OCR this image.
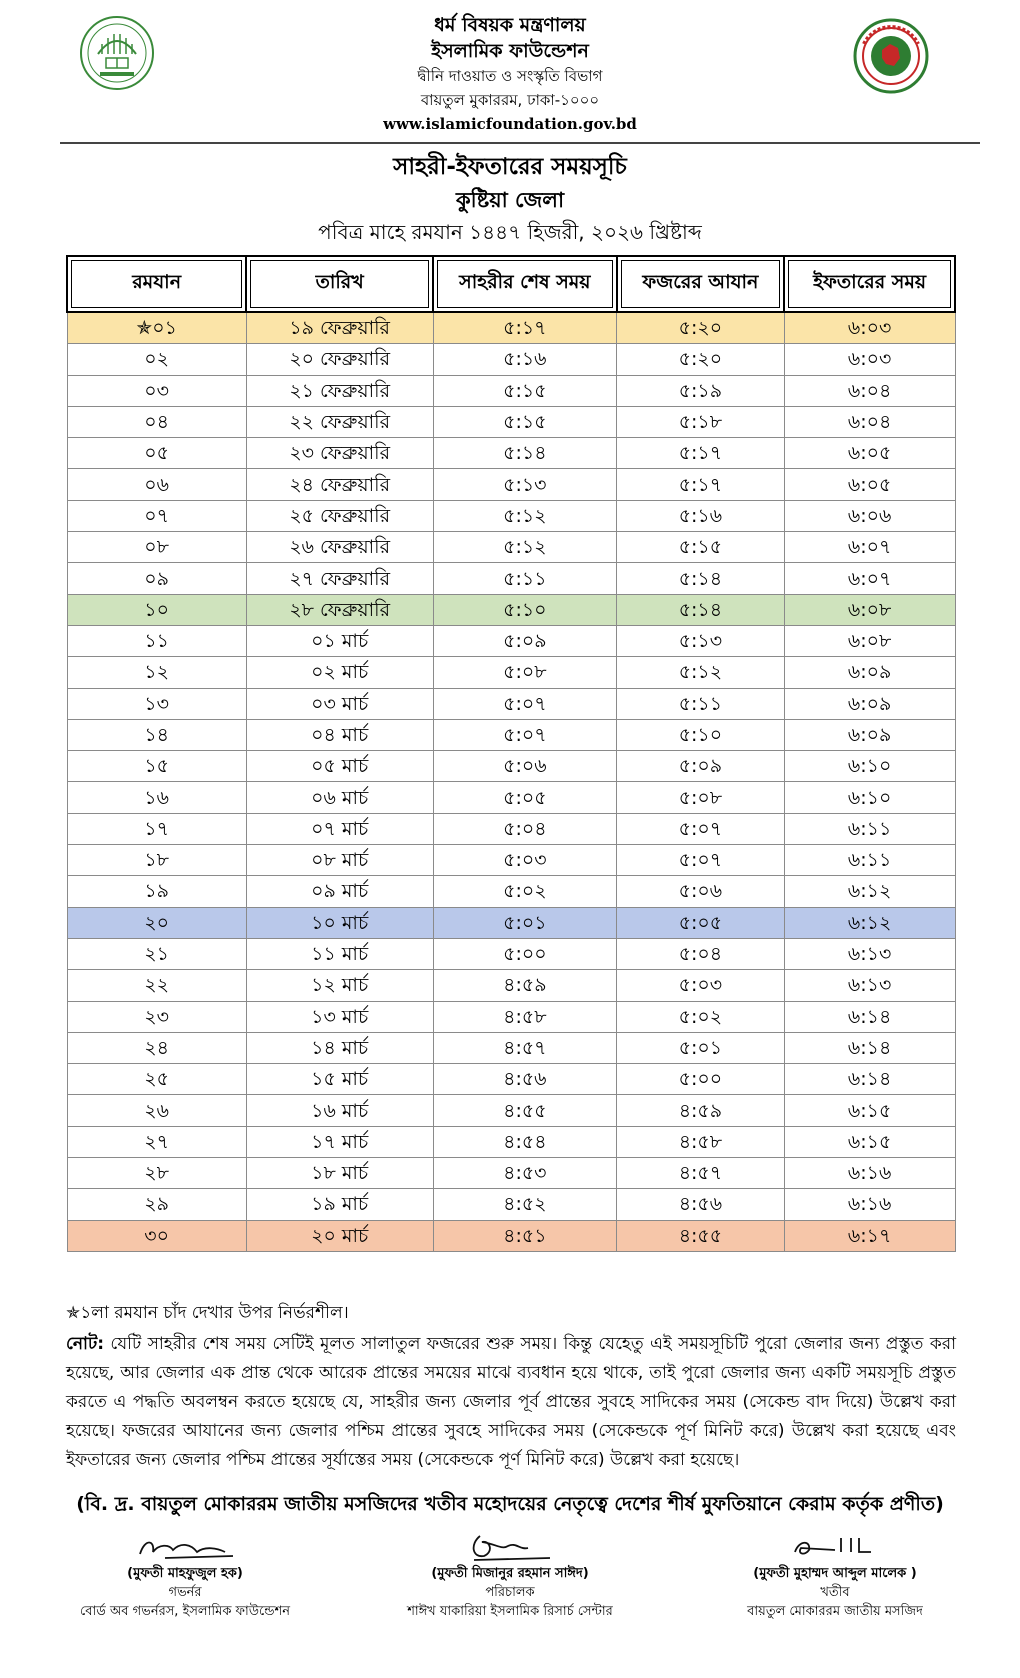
ধর্ম বিষয়ক মন্ত্রণালয়
ইসলামিক ফাউন্ডেশন
দ্বীনি দাওয়াত ও সংস্কৃতি বিভাগ
বায়তুল মুকাররম, ঢাকা-১০০০
www.islamicfoundation.gov.bd
সাহরী-ইফতারের সময়সূচি
কুষ্টিয়া জেলা
পবিত্র মাহে রমযান ১৪৪৭ হিজরী, ২০২৬ খ্রিষ্টাব্দ
রমযান	তারিখ	সাহরীর শেষ সময়	ফজরের আযান	ইফতারের সময়
✯০১	১৯ ফেব্রুয়ারি	৫:১৭	৫:২০	৬:০৩
০২	২০ ফেব্রুয়ারি	৫:১৬	৫:২০	৬:০৩
০৩	২১ ফেব্রুয়ারি	৫:১৫	৫:১৯	৬:০৪
০৪	২২ ফেব্রুয়ারি	৫:১৫	৫:১৮	৬:০৪
০৫	২৩ ফেব্রুয়ারি	৫:১৪	৫:১৭	৬:০৫
০৬	২৪ ফেব্রুয়ারি	৫:১৩	৫:১৭	৬:০৫
০৭	২৫ ফেব্রুয়ারি	৫:১২	৫:১৬	৬:০৬
০৮	২৬ ফেব্রুয়ারি	৫:১২	৫:১৫	৬:০৭
০৯	২৭ ফেব্রুয়ারি	৫:১১	৫:১৪	৬:০৭
১০	২৮ ফেব্রুয়ারি	৫:১০	৫:১৪	৬:০৮
১১	০১ মার্চ	৫:০৯	৫:১৩	৬:০৮
১২	০২ মার্চ	৫:০৮	৫:১২	৬:০৯
১৩	০৩ মার্চ	৫:০৭	৫:১১	৬:০৯
১৪	০৪ মার্চ	৫:০৭	৫:১০	৬:০৯
১৫	০৫ মার্চ	৫:০৬	৫:০৯	৬:১০
১৬	০৬ মার্চ	৫:০৫	৫:০৮	৬:১০
১৭	০৭ মার্চ	৫:০৪	৫:০৭	৬:১১
১৮	০৮ মার্চ	৫:০৩	৫:০৭	৬:১১
১৯	০৯ মার্চ	৫:০২	৫:০৬	৬:১২
২০	১০ মার্চ	৫:০১	৫:০৫	৬:১২
২১	১১ মার্চ	৫:০০	৫:০৪	৬:১৩
২২	১২ মার্চ	৪:৫৯	৫:০৩	৬:১৩
২৩	১৩ মার্চ	৪:৫৮	৫:০২	৬:১৪
২৪	১৪ মার্চ	৪:৫৭	৫:০১	৬:১৪
২৫	১৫ মার্চ	৪:৫৬	৫:০০	৬:১৪
২৬	১৬ মার্চ	৪:৫৫	৪:৫৯	৬:১৫
২৭	১৭ মার্চ	৪:৫৪	৪:৫৮	৬:১৫
২৮	১৮ মার্চ	৪:৫৩	৪:৫৭	৬:১৬
২৯	১৯ মার্চ	৪:৫২	৪:৫৬	৬:১৬
৩০	২০ মার্চ	৪:৫১	৪:৫৫	৬:১৭
✯১লা রমযান চাঁদ দেখার উপর নির্ভরশীল।
নোট: যেটি সাহরীর শেষ সময় সেটিই মূলত সালাতুল ফজরের শুরু সময়। কিন্তু যেহেতু এই সময়সূচিটি পুরো জেলার জন্য প্রস্তুত করা হয়েছে, আর জেলার এক প্রান্ত থেকে আরেক প্রান্তের সময়ের মাঝে ব্যবধান হয়ে থাকে, তাই পুরো জেলার জন্য একটি সময়সূচি প্রস্তুত করতে এ পদ্ধতি অবলম্বন করতে হয়েছে যে, সাহরীর জন্য জেলার পূর্ব প্রান্তের সুবহে সাদিকের সময় (সেকেন্ড বাদ দিয়ে) উল্লেখ করা হয়েছে। ফজরের আযানের জন্য জেলার পশ্চিম প্রান্তের সুবহে সাদিকের সময় (সেকেন্ডকে পূর্ণ মিনিট করে) উল্লেখ করা হয়েছে এবং ইফতারের জন্য জেলার পশ্চিম প্রান্তের সূর্যাস্তের সময় (সেকেন্ডকে পূর্ণ মিনিট করে) উল্লেখ করা হয়েছে।
(বি. দ্র. বায়তুল মোকাররম জাতীয় মসজিদের খতীব মহোদয়ের নেতৃত্বে দেশের শীর্ষ মুফতিয়ানে কেরাম কর্তৃক প্রণীত)
(মুফতী মাহফুজুল হক)
গভর্নর
বোর্ড অব গভর্নরস, ইসলামিক ফাউন্ডেশন
(মুফতী মিজানুর রহমান সাঈদ)
পরিচালক
শাঈখ যাকারিয়া ইসলামিক রিসার্চ সেন্টার
(মুফতী মুহাম্মদ আব্দুল মালেক )
খতীব
বায়তুল মোকাররম জাতীয় মসজিদ
